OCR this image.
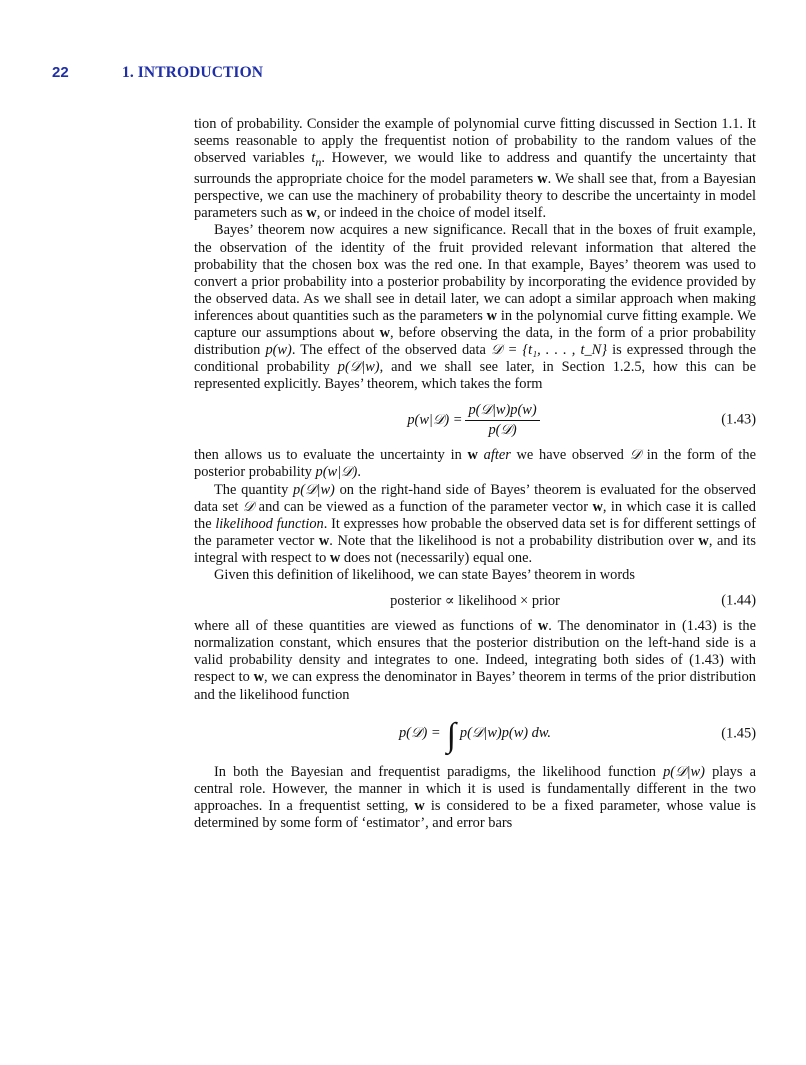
22	1. INTRODUCTION

tion of probability. Consider the example of polynomial curve fitting discussed in Section 1.1. It seems reasonable to apply the frequentist notion of probability to the random values of the observed variables $t_n$. However, we would like to address and quantify the uncertainty that surrounds the appropriate choice for the model parameters w. We shall see that, from a Bayesian perspective, we can use the machinery of probability theory to describe the uncertainty in model parameters such as w, or indeed in the choice of model itself.

Bayes’ theorem now acquires a new significance. Recall that in the boxes of fruit example, the observation of the identity of the fruit provided relevant information that altered the probability that the chosen box was the red one. In that example, Bayes’ theorem was used to convert a prior probability into a posterior probability by incorporating the evidence provided by the observed data. As we shall see in detail later, we can adopt a similar approach when making inferences about quantities such as the parameters w in the polynomial curve fitting example. We capture our assumptions about w, before observing the data, in the form of a prior probability distribution p(w). The effect of the observed data 𝒟 = {t₁, . . . , t_N} is expressed through the conditional probability p(𝒟|w), and we shall see later, in Section 1.2.5, how this can be represented explicitly. Bayes’ theorem, which takes the form

p(w|𝒟) = $\frac{\text{p(𝒟|w)p(w)}}{\text{p(𝒟)}}$	(1.43)

then allows us to evaluate the uncertainty in w after we have observed 𝒟 in the form of the posterior probability p(w|𝒟).

The quantity p(𝒟|w) on the right-hand side of Bayes’ theorem is evaluated for the observed data set 𝒟 and can be viewed as a function of the parameter vector w, in which case it is called the likelihood function. It expresses how probable the observed data set is for different settings of the parameter vector w. Note that the likelihood is not a probability distribution over w, and its integral with respect to w does not (necessarily) equal one.

Given this definition of likelihood, we can state Bayes’ theorem in words

posterior ∝ likelihood × prior	(1.44)

where all of these quantities are viewed as functions of w. The denominator in (1.43) is the normalization constant, which ensures that the posterior distribution on the left-hand side is a valid probability density and integrates to one. Indeed, integrating both sides of (1.43) with respect to w, we can express the denominator in Bayes’ theorem in terms of the prior distribution and the likelihood function

p(𝒟) = ∫ p(𝒟|w)p(w) dw.	(1.45)

In both the Bayesian and frequentist paradigms, the likelihood function p(𝒟|w) plays a central role. However, the manner in which it is used is fundamentally different in the two approaches. In a frequentist setting, w is considered to be a fixed parameter, whose value is determined by some form of ‘estimator’, and error bars
